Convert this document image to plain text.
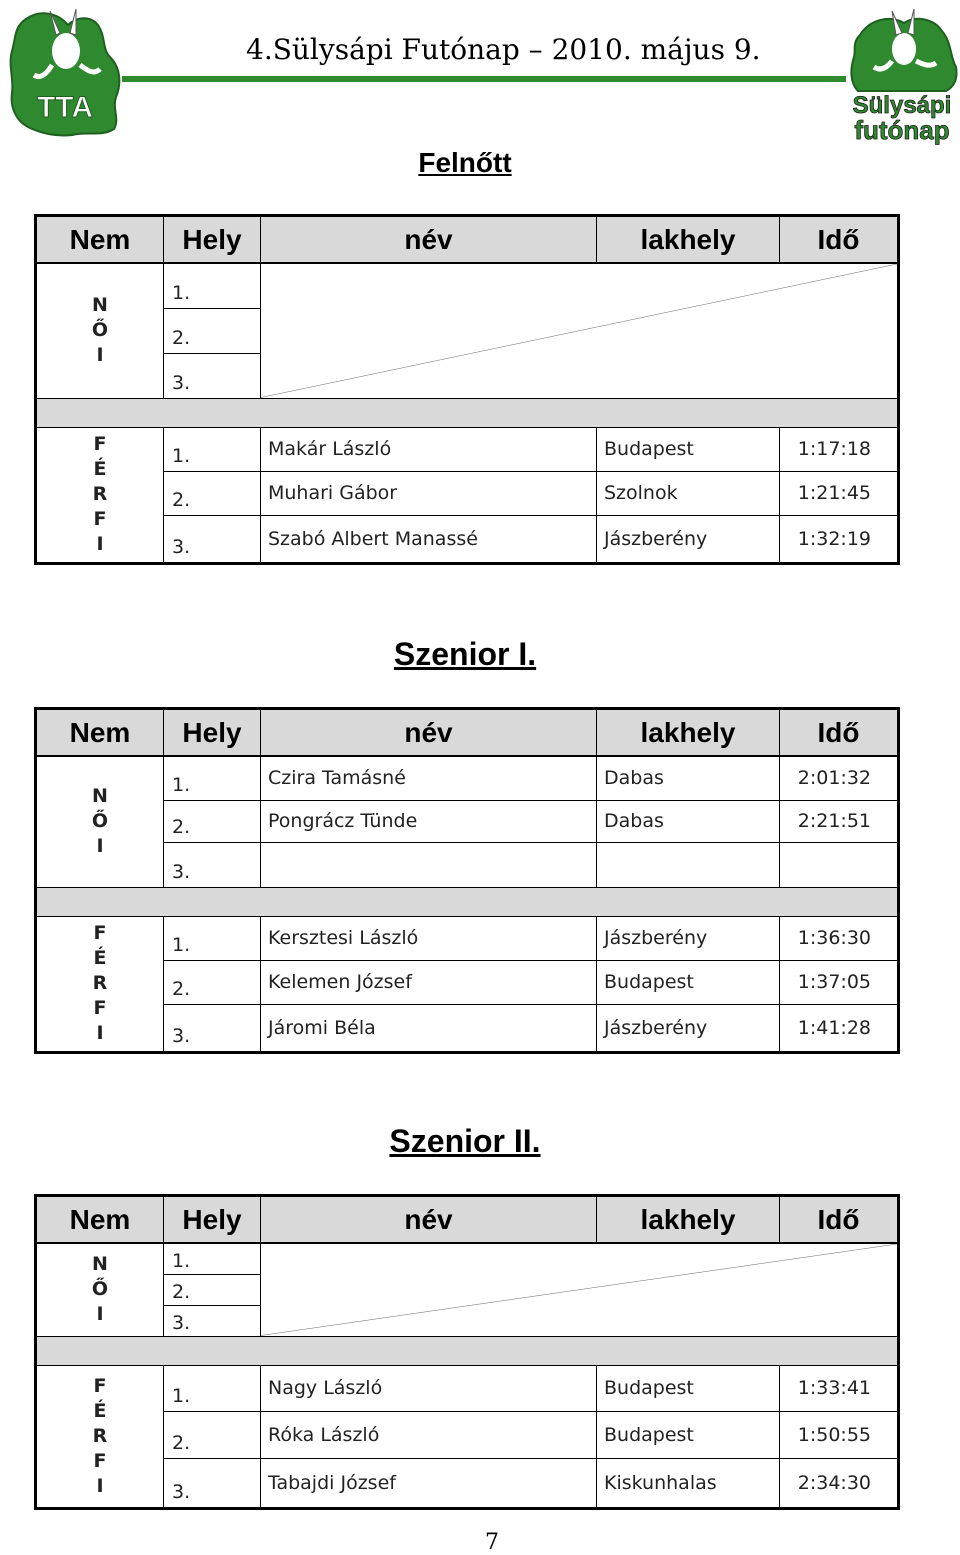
TTA	Sülysápi
futónap
4.Sülysápi Futónap – 2010. május 9.
Felnőtt
Nem	Hely	név	lakhely	Idő

N
Ő
I	1.	

	2.			
	3.			

F
É
R
F
I	1.	Makár László	Budapest	1:17:18
	2.	Muhari Gábor	Szolnok	1:21:45
	3.	Szabó Albert Manassé	Jászberény	1:32:19
Szenior I.
Nem	Hely	név	lakhely	Idő

N
Ő
I	1.	Czira Tamásné	Dabas	2:01:32
	2.	Pongrácz Tünde	Dabas	2:21:51
	3.			

F
É
R
F
I	1.	Kersztesi László	Jászberény	1:36:30
	2.	Kelemen József	Budapest	1:37:05
	3.	Járomi Béla	Jászberény	1:41:28
Szenior II.
Nem	Hely	név	lakhely	Idő

N
Ő
I	1.	

	2.			
	3.			

F
É
R
F
I	1.	Nagy László	Budapest	1:33:41
	2.	Róka László	Budapest	1:50:55
	3.	Tabajdi József	Kiskunhalas	2:34:30
7
